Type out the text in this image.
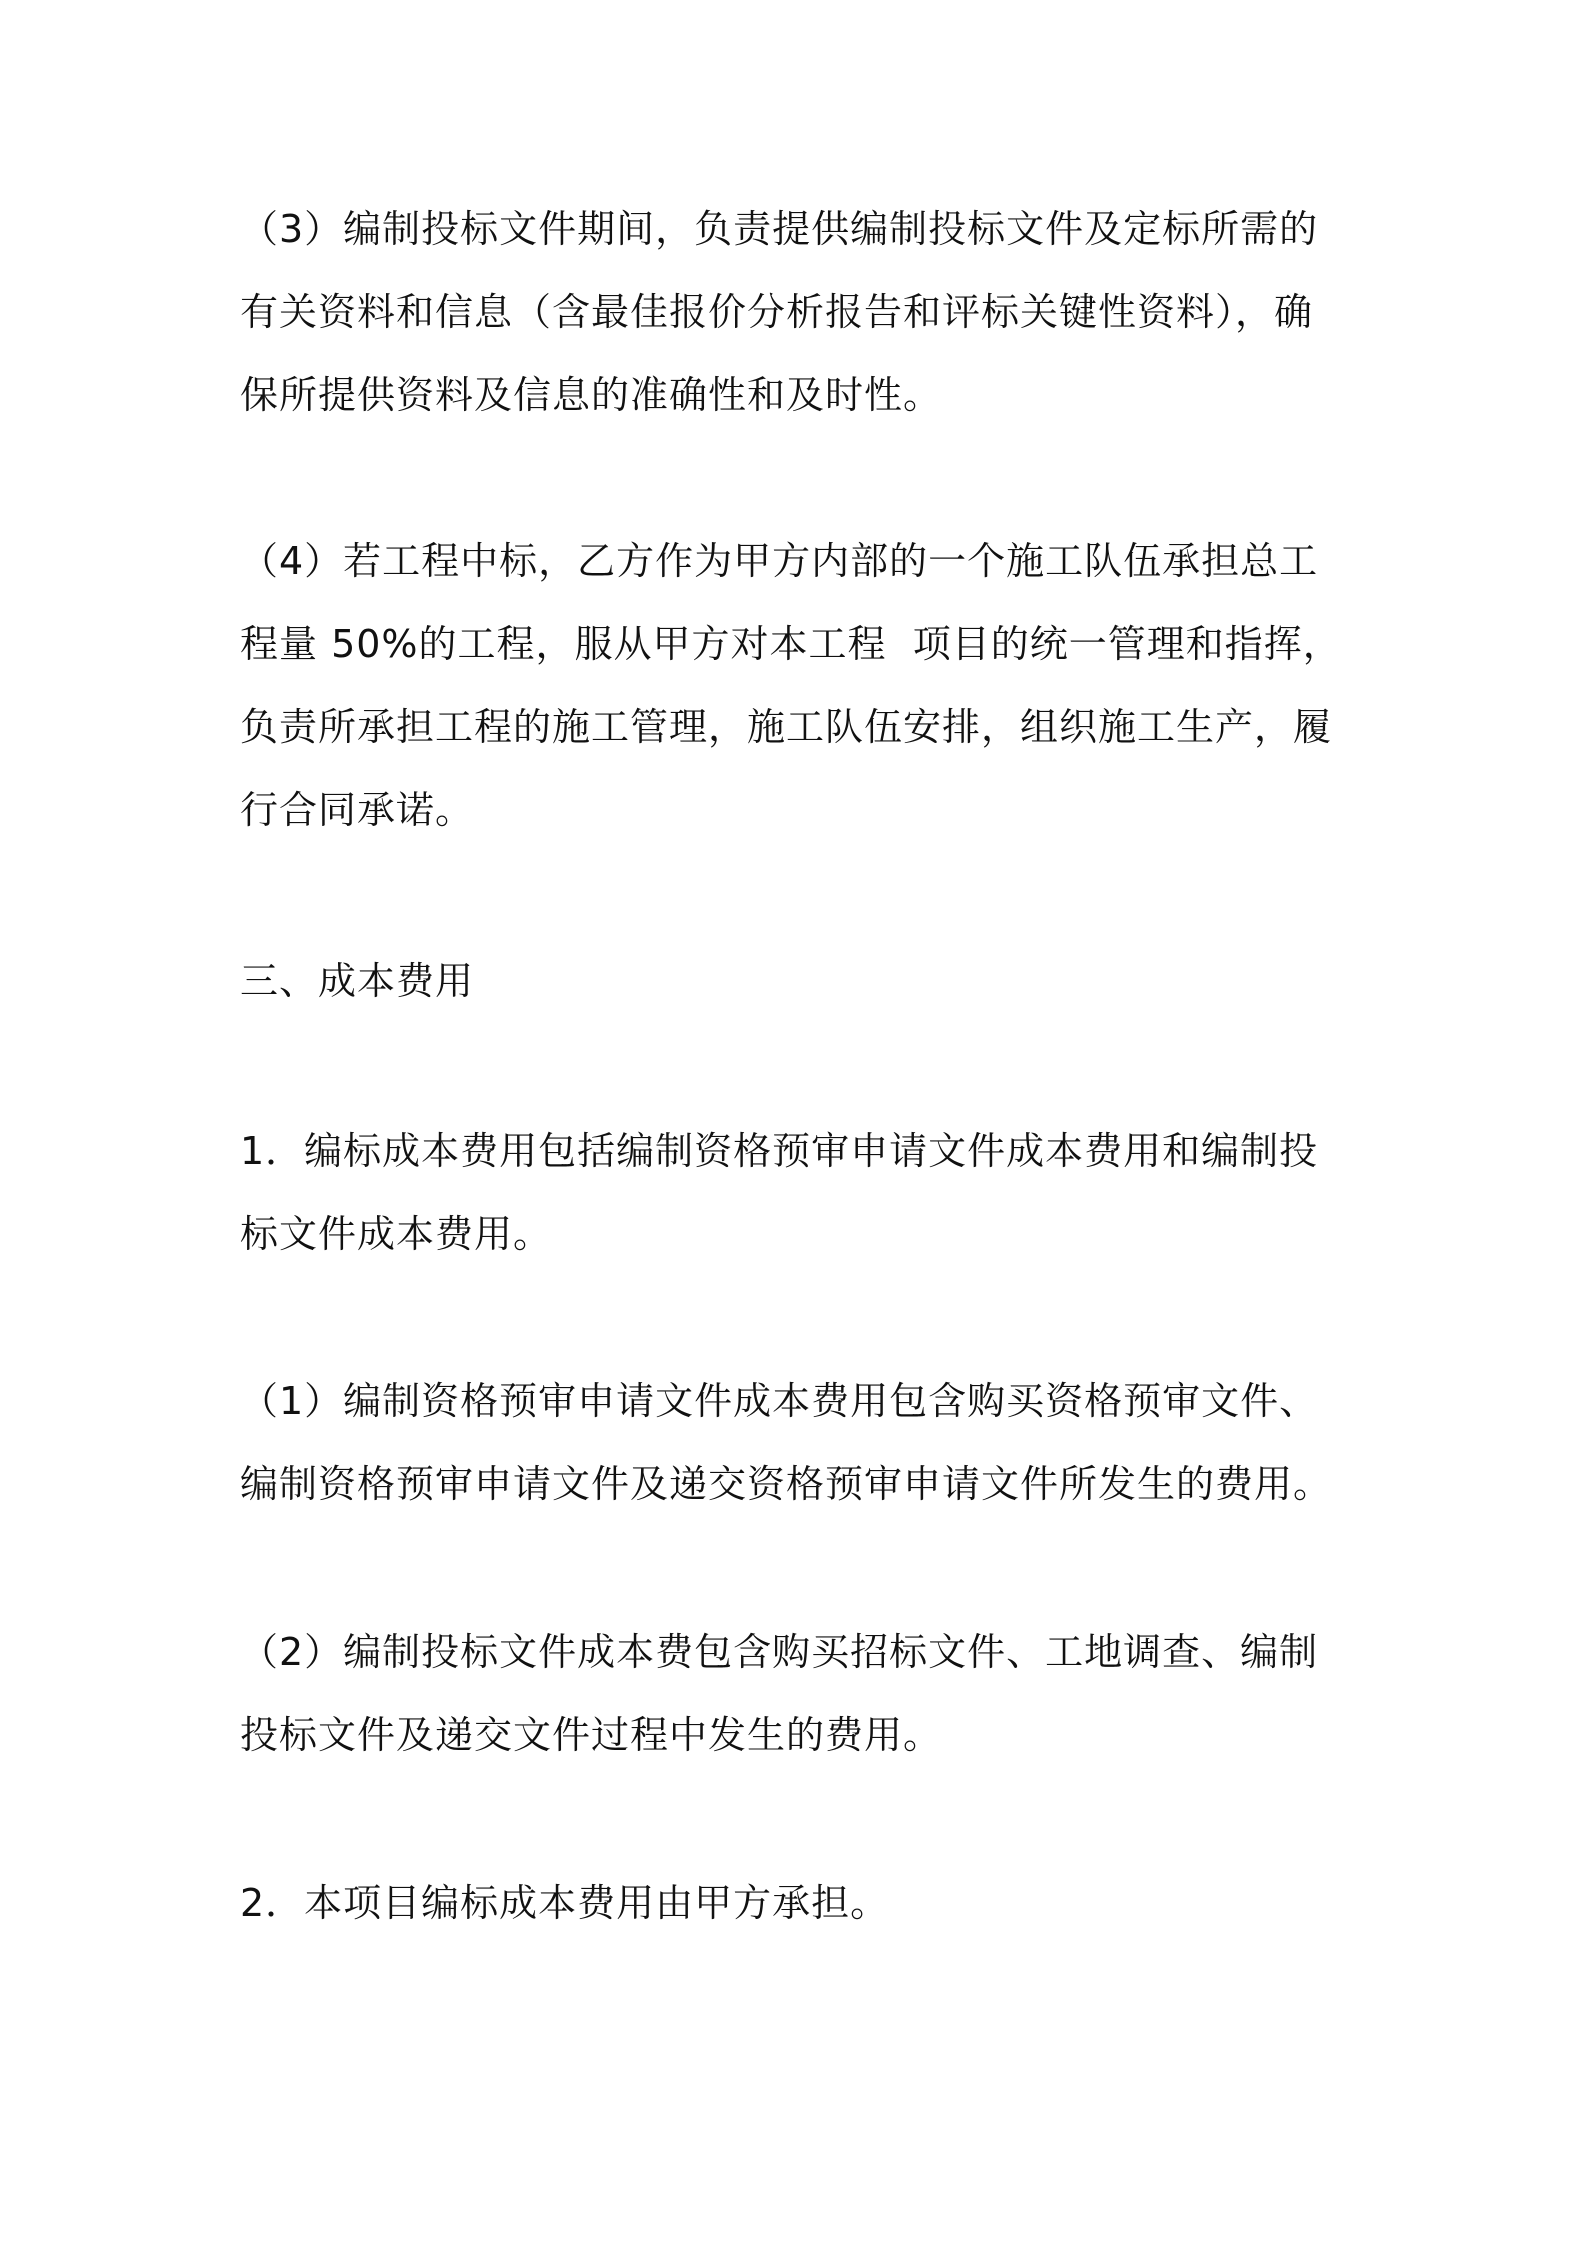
（3）编制投标文件期间，负责提供编制投标文件及定标所需的
有关资料和信息（含最佳报价分析报告和评标关键性资料），确
保所提供资料及信息的准确性和及时性。

（4）若工程中标，乙方作为甲方内部的一个施工队伍承担总工
程量 50%的工程，服从甲方对本工程  项目的统一管理和指挥，
负责所承担工程的施工管理，施工队伍安排，组织施工生产，履
行合同承诺。

三、成本费用

1．编标成本费用包括编制资格预审申请文件成本费用和编制投
标文件成本费用。

（1）编制资格预审申请文件成本费用包含购买资格预审文件、
编制资格预审申请文件及递交资格预审申请文件所发生的费用。

（2）编制投标文件成本费包含购买招标文件、工地调查、编制
投标文件及递交文件过程中发生的费用。

2．本项目编标成本费用由甲方承担。
